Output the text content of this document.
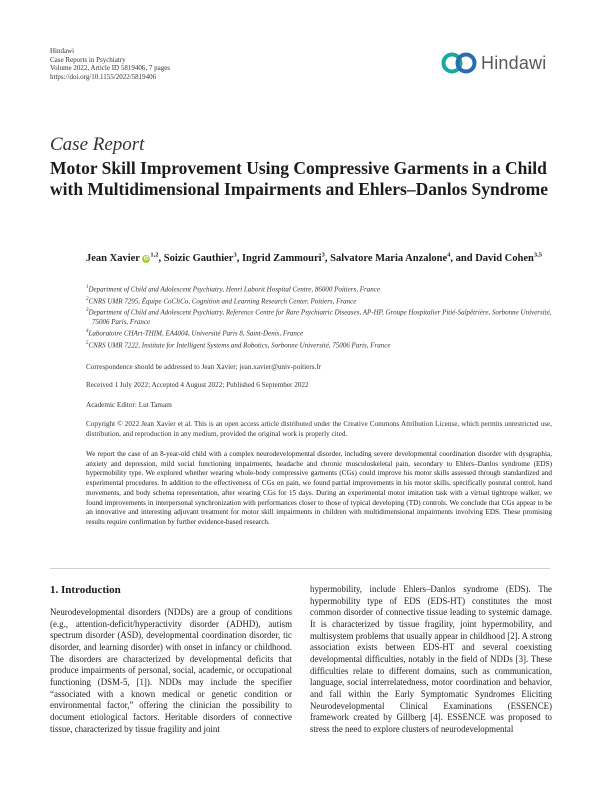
Hindawi
Case Reports in Psychiatry
Volume 2022, Article ID 5819406, 7 pages
https://doi.org/10.1155/2022/5819406
Hindawi
Case Report
Motor Skill Improvement Using Compressive Garments in a Child with Multidimensional Impairments and Ehlers–Danlos Syndrome
Jean Xavier iD$^{1,2}$, Soizic Gauthier$^3$, Ingrid Zammouri$^3$, Salvatore Maria Anzalone$^4$, and David Cohen$^{3,5}$
$^1$Department of Child and Adolescent Psychiatry, Henri Laborit Hospital Centre, 86000 Poitiers, France
$^2$CNRS UMR 7295, Équipe CoCliCo, Cognition and Learning Research Center, Poitiers, France
$^3$Department of Child and Adolescent Psychiatry, Reference Centre for Rare Psychiatric Diseases, AP-HP, Groupe Hospitalier Pitié-Salpêtrière, Sorbonne Université, 75006 Paris, France
$^4$Laboratoire CHArt-THIM, EA4004, Université Paris 8, Saint-Denis, France
$^5$CNRS UMR 7222, Institute for Intelligent Systems and Robotics, Sorbonne Université, 75006 Paris, France
Correspondence should be addressed to Jean Xavier; jean.xavier@univ-poitiers.fr
Received 1 July 2022; Accepted 4 August 2022; Published 6 September 2022
Academic Editor: Lut Tamam
Copyright © 2022 Jean Xavier et al. This is an open access article distributed under the Creative Commons Attribution License, which permits unrestricted use, distribution, and reproduction in any medium, provided the original work is properly cited.

We report the case of an 8-year-old child with a complex neurodevelopmental disorder, including severe developmental coordination disorder with dysgraphia, anxiety and depression, mild social functioning impairments, headache and chronic musculoskeletal pain, secondary to Ehlers–Danlos syndrome (EDS) hypermobility type. We explored whether wearing whole-body compressive garments (CGs) could improve his motor skills assessed through standardized and experimental procedures. In addition to the effectiveness of CGs on pain, we found partial improvements in his motor skills, specifically postural control, hand movements, and body schema representation, after wearing CGs for 15 days. During an experimental motor imitation task with a virtual tightrope walker, we found improvements in interpersonal synchronization with performances closer to those of typical developing (TD) controls. We conclude that CGs appear to be an innovative and interesting adjuvant treatment for motor skill impairments in children with multidimensional impairments involving EDS. These promising results require confirmation by further evidence-based research.

1. Introduction

Neurodevelopmental disorders (NDDs) are a group of conditions (e.g., attention-deficit/hyperactivity disorder (ADHD), autism spectrum disorder (ASD), developmental coordination disorder, tic disorder, and learning disorder) with onset in infancy or childhood. The disorders are characterized by developmental deficits that produce impairments of personal, social, academic, or occupational functioning (DSM-5, [1]). NDDs may include the specifier “associated with a known medical or genetic condition or environmental factor,” offering the clinician the possibility to document etiological factors. Heritable disorders of connective tissue, characterized by tissue fragility and joint

hypermobility, include Ehlers–Danlos syndrome (EDS). The hypermobility type of EDS (EDS-HT) constitutes the most common disorder of connective tissue leading to systemic damage. It is characterized by tissue fragility, joint hypermobility, and multisystem problems that usually appear in childhood [2]. A strong association exists between EDS-HT and several coexisting developmental difficulties, notably in the field of NDDs [3]. These difficulties relate to different domains, such as communication, language, social interrelatedness, motor coordination and behavior, and fall within the Early Symptomatic Syndromes Eliciting Neurodevelopmental Clinical Examinations (ESSENCE) framework created by Gillberg [4]. ESSENCE was proposed to stress the need to explore clusters of neurodevelopmental
